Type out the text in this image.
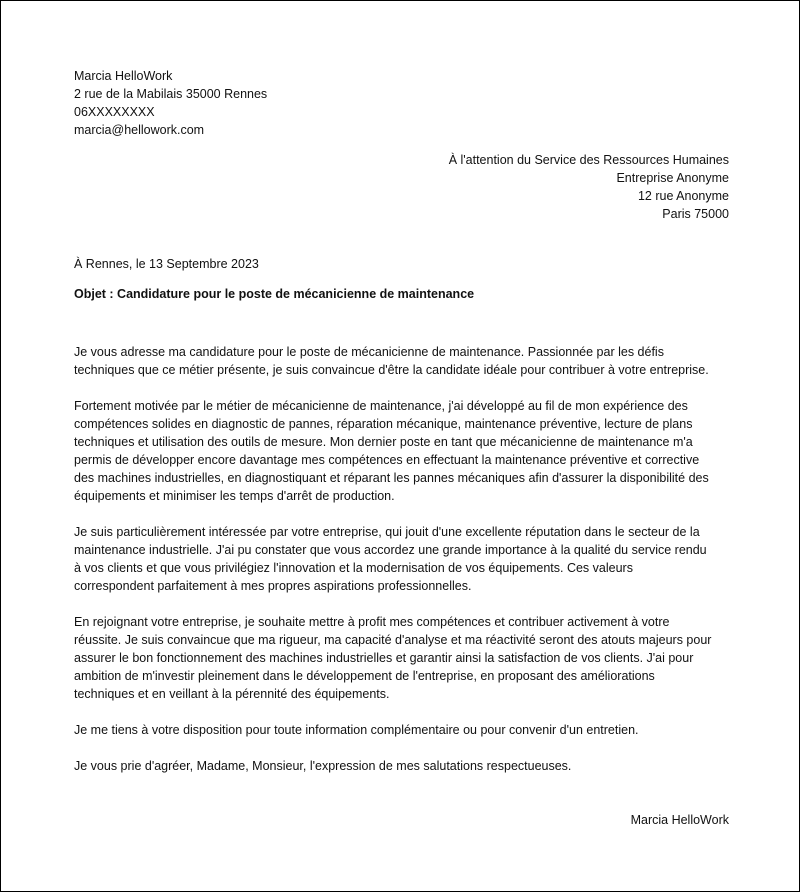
Marcia HelloWork
2 rue de la Mabilais 35000 Rennes
06XXXXXXXX
marcia@hellowork.com
À l'attention du Service des Ressources Humaines
Entreprise Anonyme
12 rue Anonyme
Paris 75000
À Rennes, le 13 Septembre 2023
Objet : Candidature pour le poste de mécanicienne de maintenance

Je vous adresse ma candidature pour le poste de mécanicienne de maintenance. Passionnée par les défis
techniques que ce métier présente, je suis convaincue d'être la candidate idéale pour contribuer à votre entreprise.

Fortement motivée par le métier de mécanicienne de maintenance, j'ai développé au fil de mon expérience des
compétences solides en diagnostic de pannes, réparation mécanique, maintenance préventive, lecture de plans
techniques et utilisation des outils de mesure. Mon dernier poste en tant que mécanicienne de maintenance m'a
permis de développer encore davantage mes compétences en effectuant la maintenance préventive et corrective
des machines industrielles, en diagnostiquant et réparant les pannes mécaniques afin d'assurer la disponibilité des
équipements et minimiser les temps d'arrêt de production.

Je suis particulièrement intéressée par votre entreprise, qui jouit d'une excellente réputation dans le secteur de la
maintenance industrielle. J'ai pu constater que vous accordez une grande importance à la qualité du service rendu
à vos clients et que vous privilégiez l'innovation et la modernisation de vos équipements. Ces valeurs
correspondent parfaitement à mes propres aspirations professionnelles.

En rejoignant votre entreprise, je souhaite mettre à profit mes compétences et contribuer activement à votre
réussite. Je suis convaincue que ma rigueur, ma capacité d'analyse et ma réactivité seront des atouts majeurs pour
assurer le bon fonctionnement des machines industrielles et garantir ainsi la satisfaction de vos clients. J'ai pour
ambition de m'investir pleinement dans le développement de l'entreprise, en proposant des améliorations
techniques et en veillant à la pérennité des équipements.

Je me tiens à votre disposition pour toute information complémentaire ou pour convenir d'un entretien.

Je vous prie d'agréer, Madame, Monsieur, l'expression de mes salutations respectueuses.

Marcia HelloWork
